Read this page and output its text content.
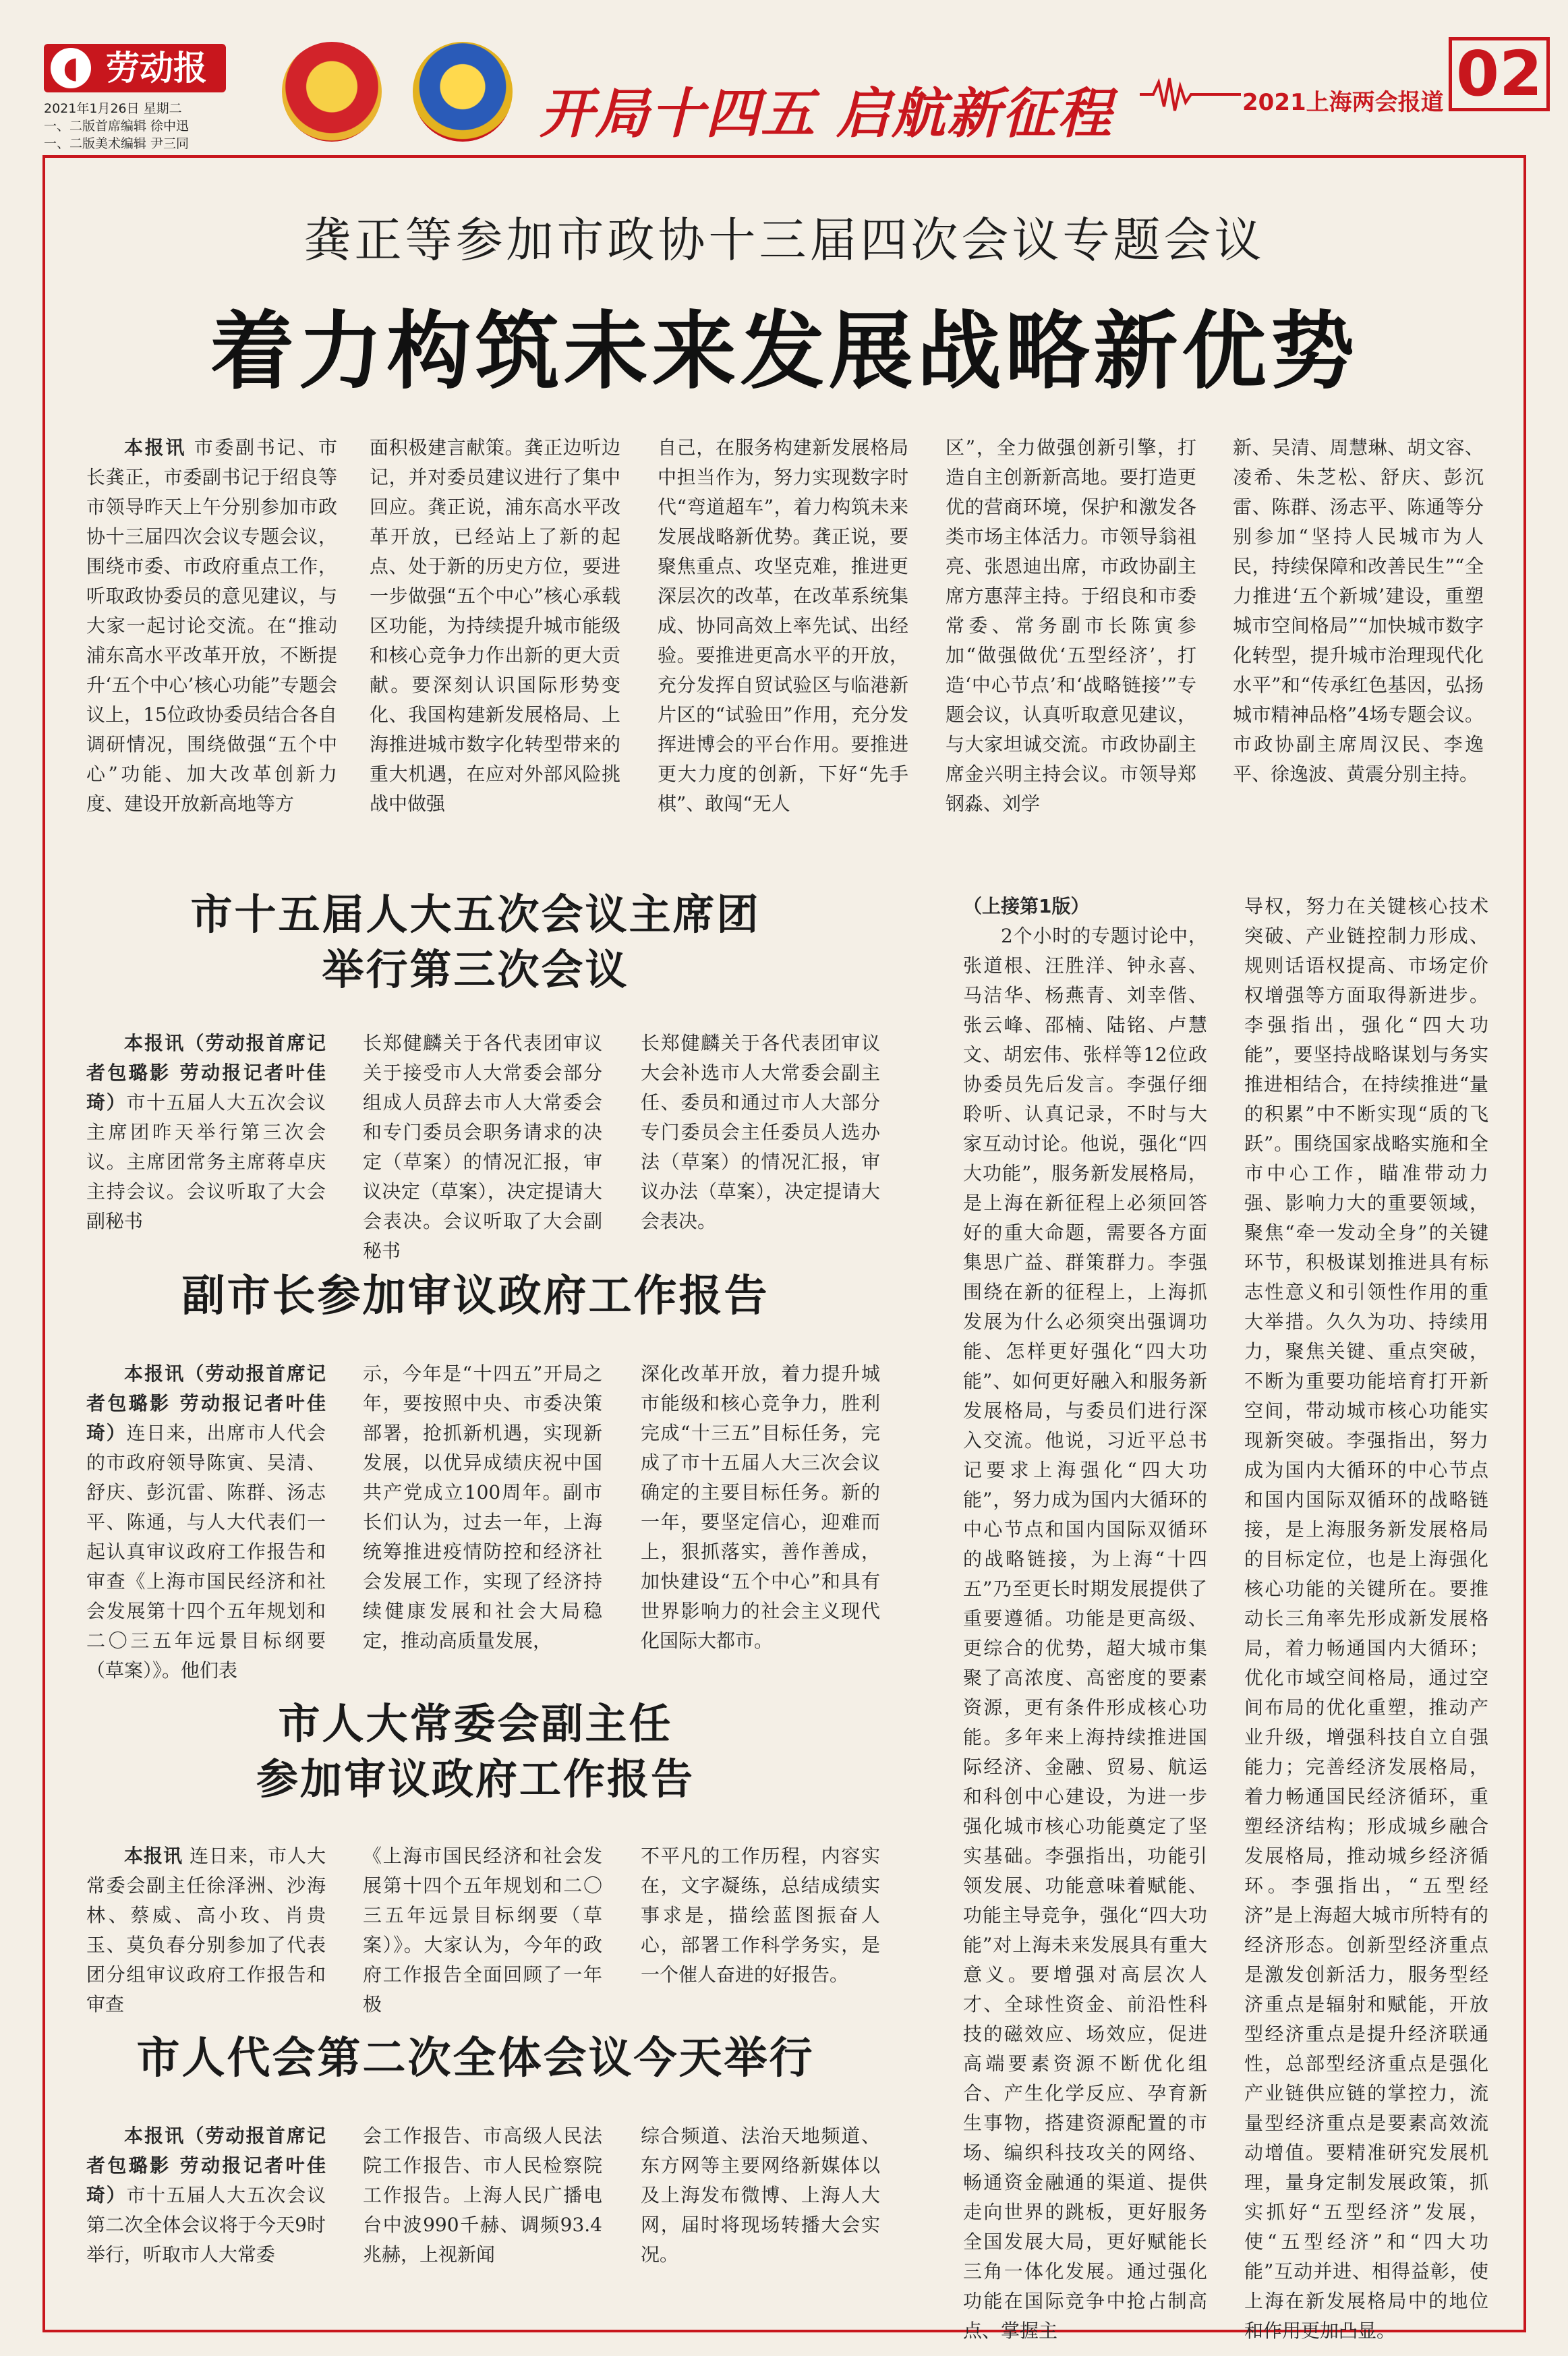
◖ 劳动报
2021年1月26日 星期二
一、二版首席编辑 徐中迅
一、二版美术编辑 尹三同	开局十四五 启航新征程	2021上海两会报道 02
龚正等参加市政协十三届四次会议专题会议
着力构筑未来发展战略新优势

本报讯 市委副书记、市长龚正，市委副书记于绍良等市领导昨天上午分别参加市政协十三届四次会议专题会议，围绕市委、市政府重点工作，听取政协委员的意见建议，与大家一起讨论交流。在“推动浦东高水平改革开放，不断提升‘五个中心’核心功能”专题会议上，15位政协委员结合各自调研情况，围绕做强“五个中心”功能、加大改革创新力度、建设开放新高地等方

面积极建言献策。龚正边听边记，并对委员建议进行了集中回应。龚正说，浦东高水平改革开放，已经站上了新的起点、处于新的历史方位，要进一步做强“五个中心”核心承载区功能，为持续提升城市能级和核心竞争力作出新的更大贡献。要深刻认识国际形势变化、我国构建新发展格局、上海推进城市数字化转型带来的重大机遇，在应对外部风险挑战中做强
自己，在服务构建新发展格局中担当作为，努力实现数字时代“弯道超车”，着力构筑未来发展战略新优势。龚正说，要聚焦重点、攻坚克难，推进更深层次的改革，在改革系统集成、协同高效上率先试、出经验。要推进更高水平的开放，充分发挥自贸试验区与临港新片区的“试验田”作用，充分发挥进博会的平台作用。要推进更大力度的创新，下好“先手棋”、敢闯“无人
区”，全力做强创新引擎，打造自主创新新高地。要打造更优的营商环境，保护和激发各类市场主体活力。市领导翁祖亮、张恩迪出席，市政协副主席方惠萍主持。于绍良和市委常委、常务副市长陈寅参加“做强做优‘五型经济’，打造‘中心节点’和‘战略链接’”专题会议，认真听取意见建议，与大家坦诚交流。市政协副主席金兴明主持会议。市领导郑钢淼、刘学
新、吴清、周慧琳、胡文容、凌希、朱芝松、舒庆、彭沉雷、陈群、汤志平、陈通等分别参加“坚持人民城市为人民，持续保障和改善民生”“全力推进‘五个新城’建设，重塑城市空间格局”“加快城市数字化转型，提升城市治理现代化水平”和“传承红色基因，弘扬城市精神品格”4场专题会议。市政协副主席周汉民、李逸平、徐逸波、黄震分别主持。
市十五届人大五次会议主席团
举行第三次会议

本报讯（劳动报首席记者包璐影 劳动报记者叶佳琦）市十五届人大五次会议主席团昨天举行第三次会议。主席团常务主席蒋卓庆主持会议。会议听取了大会副秘书

长郑健麟关于各代表团审议关于接受市人大常委会部分组成人员辞去市人大常委会和专门委员会职务请求的决定（草案）的情况汇报，审议决定（草案），决定提请大会表决。会议听取了大会副秘书
长郑健麟关于各代表团审议大会补选市人大常委会副主任、委员和通过市人大部分专门委员会主任委员人选办法（草案）的情况汇报，审议办法（草案），决定提请大会表决。
副市长参加审议政府工作报告

本报讯（劳动报首席记者包璐影 劳动报记者叶佳琦）连日来，出席市人代会的市政府领导陈寅、吴清、舒庆、彭沉雷、陈群、汤志平、陈通，与人大代表们一起认真审议政府工作报告和审查《上海市国民经济和社会发展第十四个五年规划和二〇三五年远景目标纲要（草案）》。他们表

示，今年是“十四五”开局之年，要按照中央、市委决策部署，抢抓新机遇，实现新发展，以优异成绩庆祝中国共产党成立100周年。副市长们认为，过去一年，上海统筹推进疫情防控和经济社会发展工作，实现了经济持续健康发展和社会大局稳定，推动高质量发展，
深化改革开放，着力提升城市能级和核心竞争力，胜利完成“十三五”目标任务，完成了市十五届人大三次会议确定的主要目标任务。新的一年，要坚定信心，迎难而上，狠抓落实，善作善成，加快建设“五个中心”和具有世界影响力的社会主义现代化国际大都市。
市人大常委会副主任
参加审议政府工作报告

本报讯 连日来，市人大常委会副主任徐泽洲、沙海林、蔡威、高小玫、肖贵玉、莫负春分别参加了代表团分组审议政府工作报告和审查

《上海市国民经济和社会发展第十四个五年规划和二〇三五年远景目标纲要（草案）》。大家认为，今年的政府工作报告全面回顾了一年极
不平凡的工作历程，内容实在，文字凝练，总结成绩实事求是，描绘蓝图振奋人心，部署工作科学务实，是一个催人奋进的好报告。
市人代会第二次全体会议今天举行

本报讯（劳动报首席记者包璐影 劳动报记者叶佳琦）市十五届人大五次会议第二次全体会议将于今天9时举行，听取市人大常委

会工作报告、市高级人民法院工作报告、市人民检察院工作报告。上海人民广播电台中波990千赫、调频93.4兆赫，上视新闻
综合频道、法治天地频道、东方网等主要网络新媒体以及上海发布微博、上海人大网，届时将现场转播大会实况。
（上接第1版）

2个小时的专题讨论中，张道根、汪胜洋、钟永喜、马洁华、杨燕青、刘幸偕、张云峰、邵楠、陆铭、卢慧文、胡宏伟、张样等12位政协委员先后发言。李强仔细聆听、认真记录，不时与大家互动讨论。他说，强化“四大功能”，服务新发展格局，是上海在新征程上必须回答好的重大命题，需要各方面集思广益、群策群力。李强围绕在新的征程上，上海抓发展为什么必须突出强调功能、怎样更好强化“四大功能”、如何更好融入和服务新发展格局，与委员们进行深入交流。他说，习近平总书记要求上海强化“四大功能”，努力成为国内大循环的中心节点和国内国际双循环的战略链接，为上海“十四五”乃至更长时期发展提供了重要遵循。功能是更高级、更综合的优势，超大城市集聚了高浓度、高密度的要素资源，更有条件形成核心功能。多年来上海持续推进国际经济、金融、贸易、航运和科创中心建设，为进一步强化城市核心功能奠定了坚实基础。李强指出，功能引领发展、功能意味着赋能、功能主导竞争，强化“四大功能”对上海未来发展具有重大意义。要增强对高层次人才、全球性资金、前沿性科技的磁效应、场效应，促进高端要素资源不断优化组合、产生化学反应、孕育新生事物，搭建资源配置的市场、编织科技攻关的网络、畅通资金融通的渠道、提供走向世界的跳板，更好服务全国发展大局，更好赋能长三角一体化发展。通过强化功能在国际竞争中抢占制高点、掌握主

导权，努力在关键核心技术突破、产业链控制力形成、规则话语权提高、市场定价权增强等方面取得新进步。李强指出，强化“四大功能”，要坚持战略谋划与务实推进相结合，在持续推进“量的积累”中不断实现“质的飞跃”。围绕国家战略实施和全市中心工作，瞄准带动力强、影响力大的重要领域，聚焦“牵一发动全身”的关键环节，积极谋划推进具有标志性意义和引领性作用的重大举措。久久为功、持续用力，聚焦关键、重点突破，不断为重要功能培育打开新空间，带动城市核心功能实现新突破。李强指出，努力成为国内大循环的中心节点和国内国际双循环的战略链接，是上海服务新发展格局的目标定位，也是上海强化核心功能的关键所在。要推动长三角率先形成新发展格局，着力畅通国内大循环；优化市域空间格局，通过空间布局的优化重塑，推动产业升级，增强科技自立自强能力；完善经济发展格局，着力畅通国民经济循环，重塑经济结构；形成城乡融合发展格局，推动城乡经济循环。李强指出，“五型经济”是上海超大城市所特有的经济形态。创新型经济重点是激发创新活力，服务型经济重点是辐射和赋能，开放型经济重点是提升经济联通性，总部型经济重点是强化产业链供应链的掌控力，流量型经济重点是要素高效流动增值。要精准研究发展机理，量身定制发展政策，抓实抓好“五型经济”发展，使“五型经济”和“四大功能”互动并进、相得益彰，使上海在新发展格局中的地位和作用更加凸显。
